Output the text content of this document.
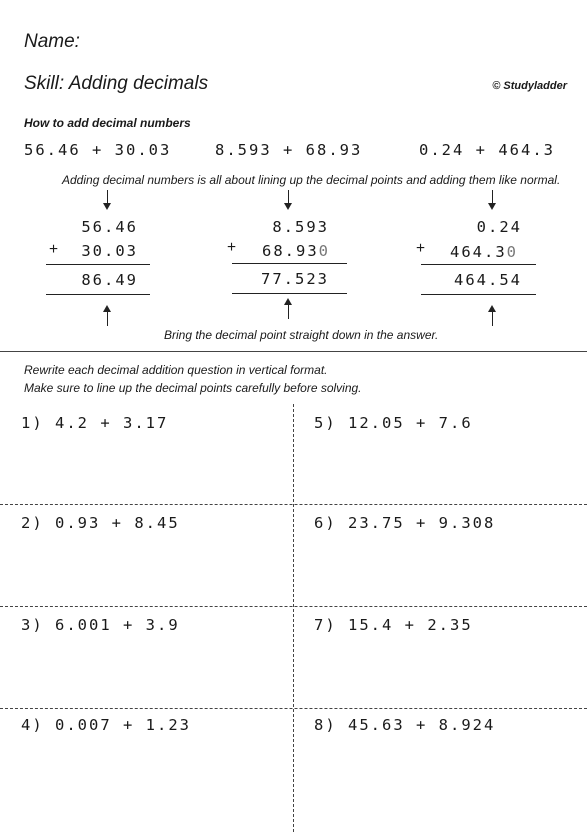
Name:
Skill: Adding decimals	© Studyladder
How to add decimal numbers
56.46 + 30.03	8.593 + 68.93	0.24 + 464.3
Adding decimal numbers is all about lining up the decimal points and adding them like normal.
56.46
+	30.03
86.49
8.593
+ 68.930
77.523
0.24
+ 464.30
464.54
Bring the decimal point straight down in the answer.
Rewrite each decimal addition question in vertical format.
Make sure to line up the decimal points carefully before solving.
1) 4.2 + 3.17
2) 0.93 + 8.45
3) 6.001 + 3.9
4) 0.007 + 1.23
5) 12.05 + 7.6
6) 23.75 + 9.308
7) 15.4 + 2.35
8) 45.63 + 8.924
